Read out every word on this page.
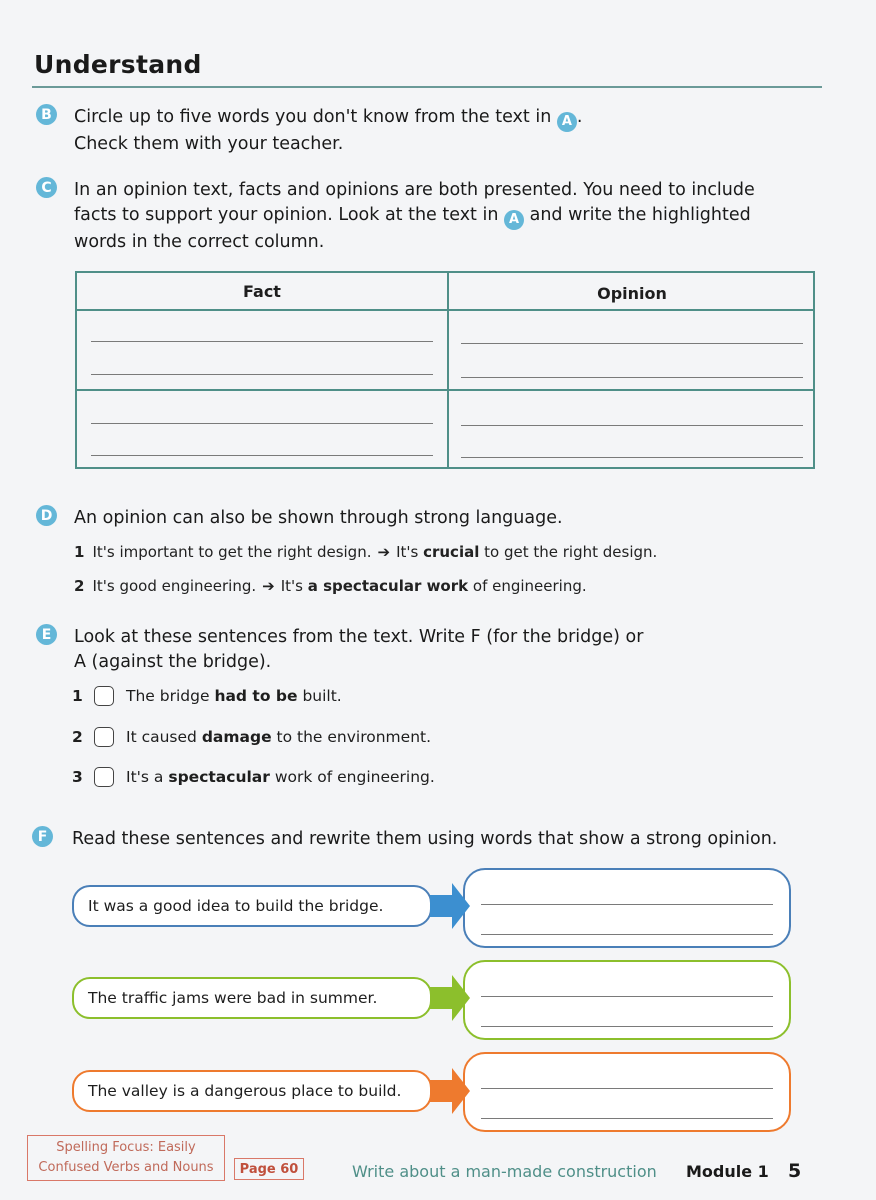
Understand
B Circle up to five words you don't know from the text in A .
Check them with your teacher.
C	In an opinion text, facts and opinions are both presented. You need to include
facts to support your opinion. Look at the text in A and write the highlighted
words in the correct column.
Fact	Opinion
D An opinion can also be shown through strong language.
1 It's important to get the right design. ➔ It's crucial to get the right design.
2 It's good engineering. ➔ It's a spectacular work of engineering.
E	Look at these sentences from the text. Write F (for the bridge) or
A (against the bridge).
1	The bridge
had to be
built.
2	It caused
damage
to the environment.
3	It's a
spectacular
work of engineering.
F	Read these sentences and rewrite them using words that show a strong opinion.
It was a good idea to build the bridge.
The traffic jams were bad in summer.
The valley is a dangerous place to build.
Spelling Focus: Easily
Confused Verbs and Nouns	Page 60	Write about a man-made construction Module 1 5
